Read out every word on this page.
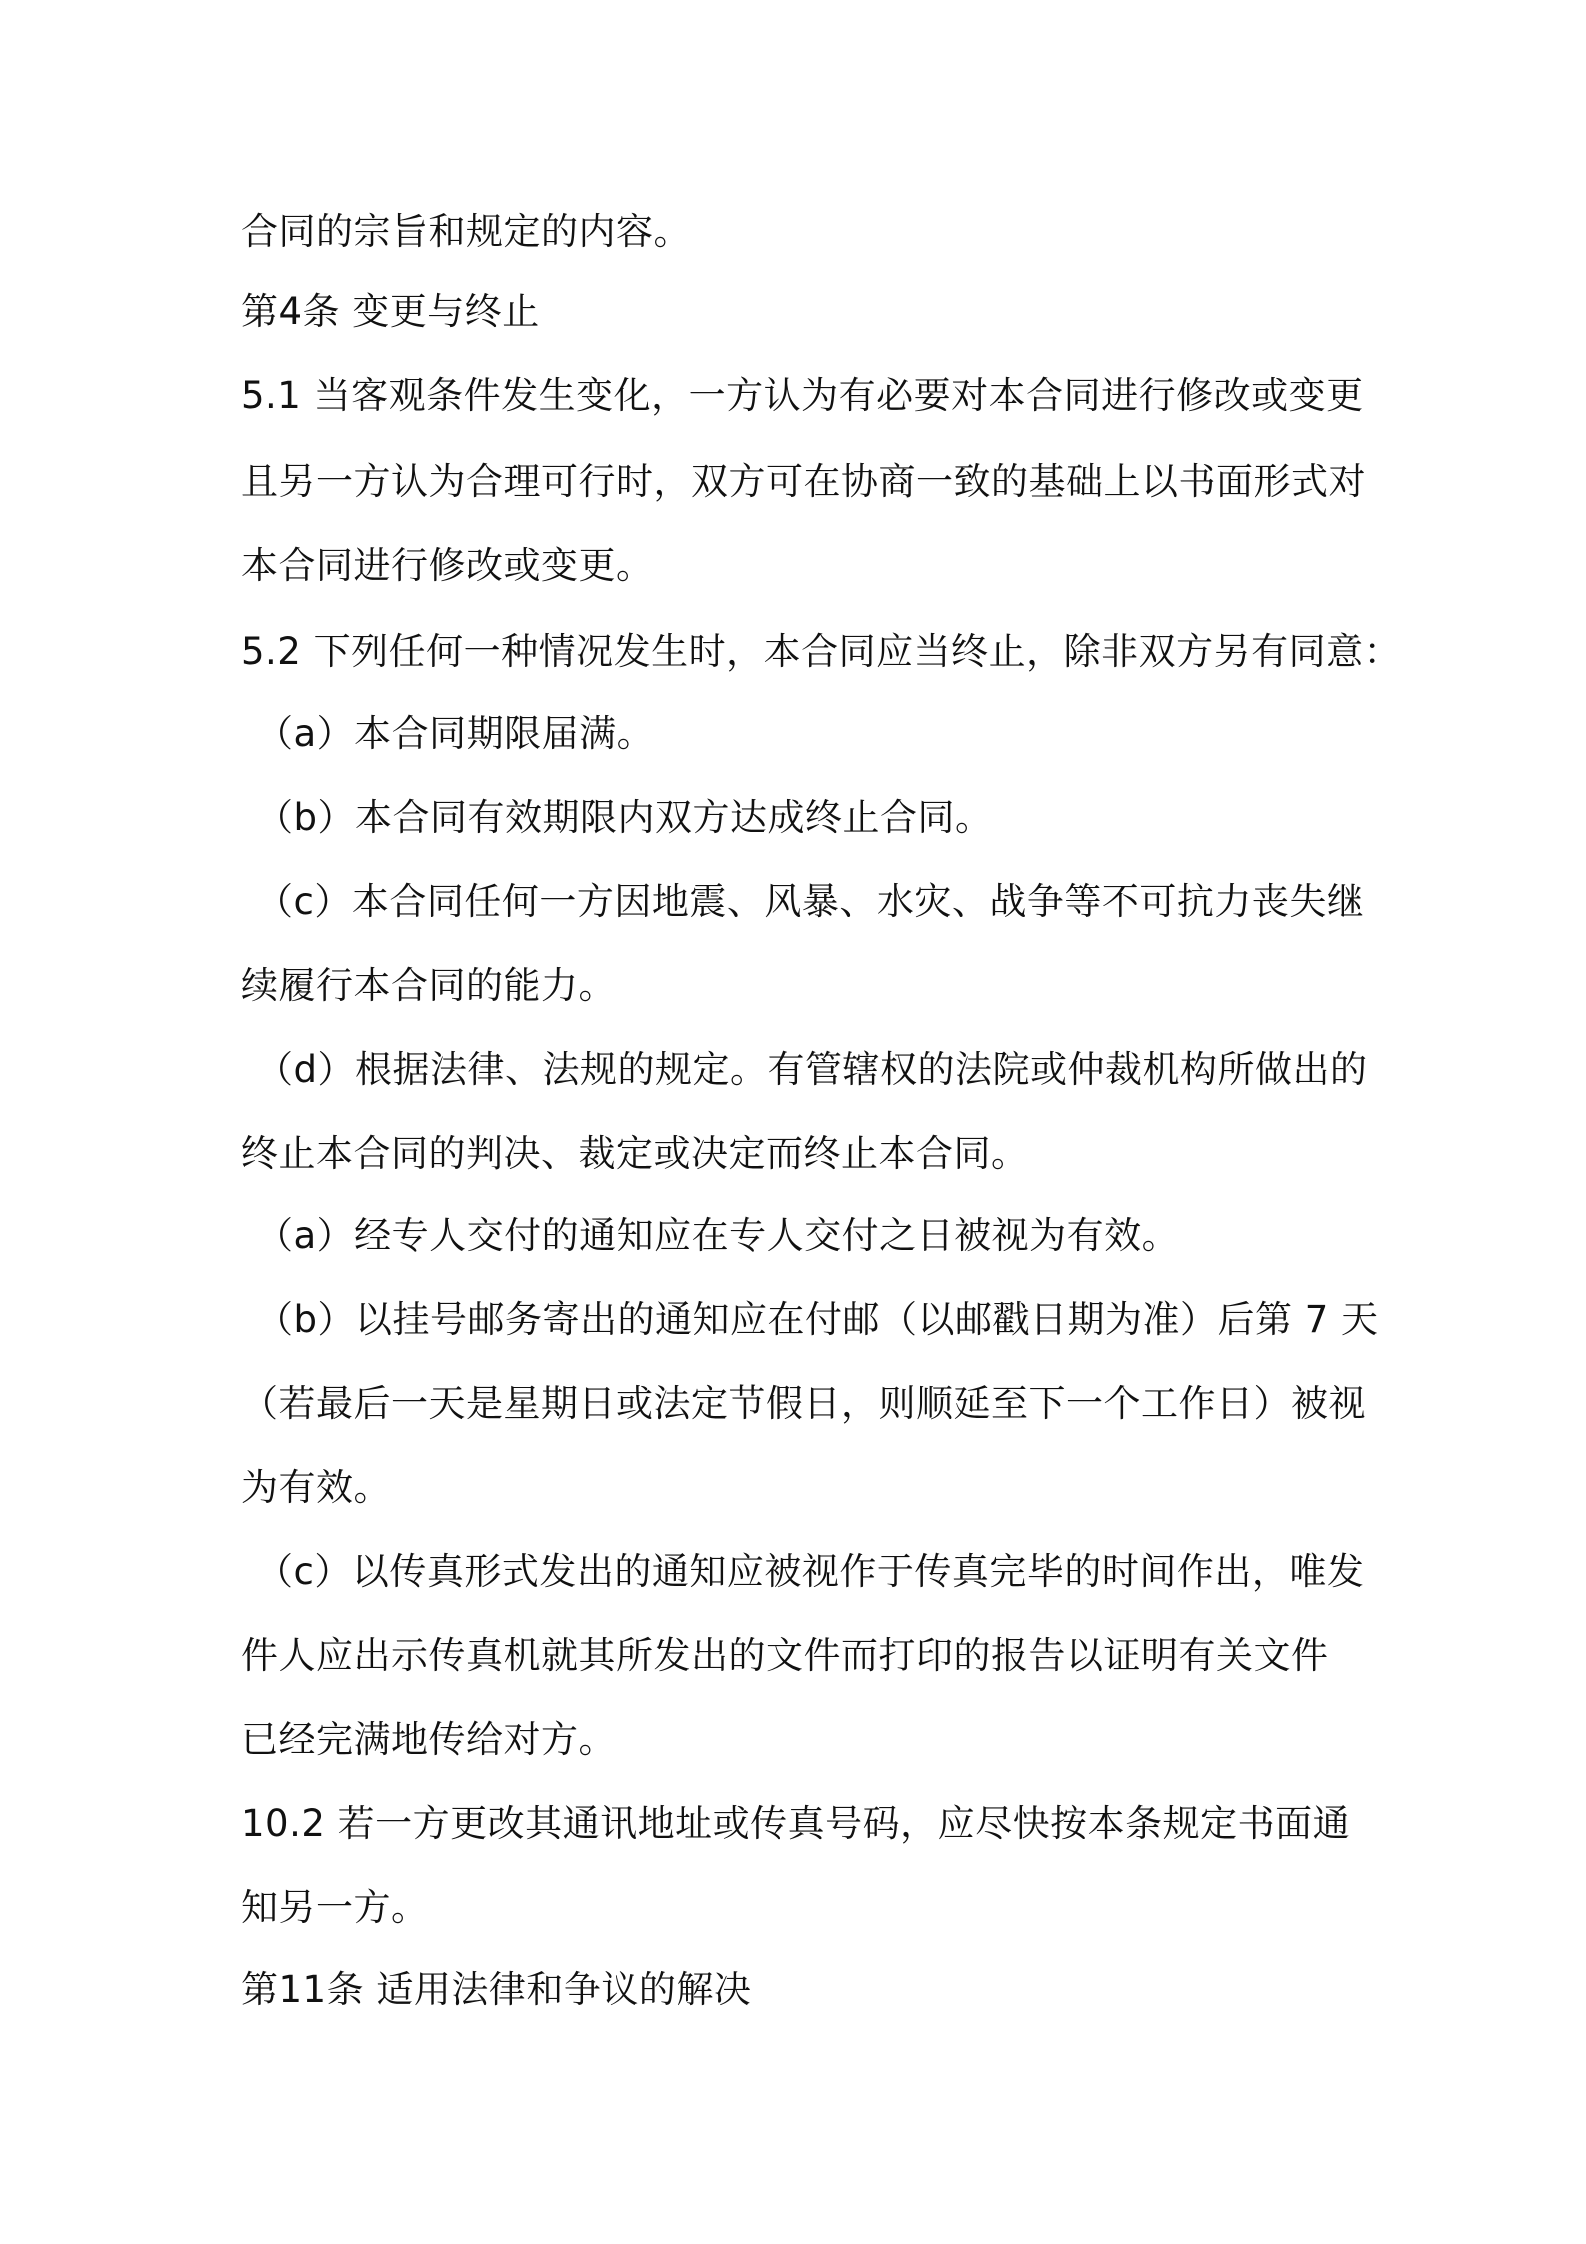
合同的宗旨和规定的内容。
第4条 变更与终止
5.1 当客观条件发生变化，一方认为有必要对本合同进行修改或变更
且另一方认为合理可行时，双方可在协商一致的基础上以书面形式对
本合同进行修改或变更。
5.2 下列任何一种情况发生时，本合同应当终止，除非双方另有同意：
（a）本合同期限届满。
（b）本合同有效期限内双方达成终止合同。
（c）本合同任何一方因地震、风暴、水灾、战争等不可抗力丧失继
续履行本合同的能力。
（d）根据法律、法规的规定。有管辖权的法院或仲裁机构所做出的
终止本合同的判决、裁定或决定而终止本合同。
（a）经专人交付的通知应在专人交付之日被视为有效。
（b）以挂号邮务寄出的通知应在付邮（以邮戳日期为准）后第 7 天
（若最后一天是星期日或法定节假日，则顺延至下一个工作日）被视
为有效。
（c）以传真形式发出的通知应被视作于传真完毕的时间作出，唯发
件人应出示传真机就其所发出的文件而打印的报告以证明有关文件
已经完满地传给对方。
10.2 若一方更改其通讯地址或传真号码，应尽快按本条规定书面通
知另一方。
第11条 适用法律和争议的解决
